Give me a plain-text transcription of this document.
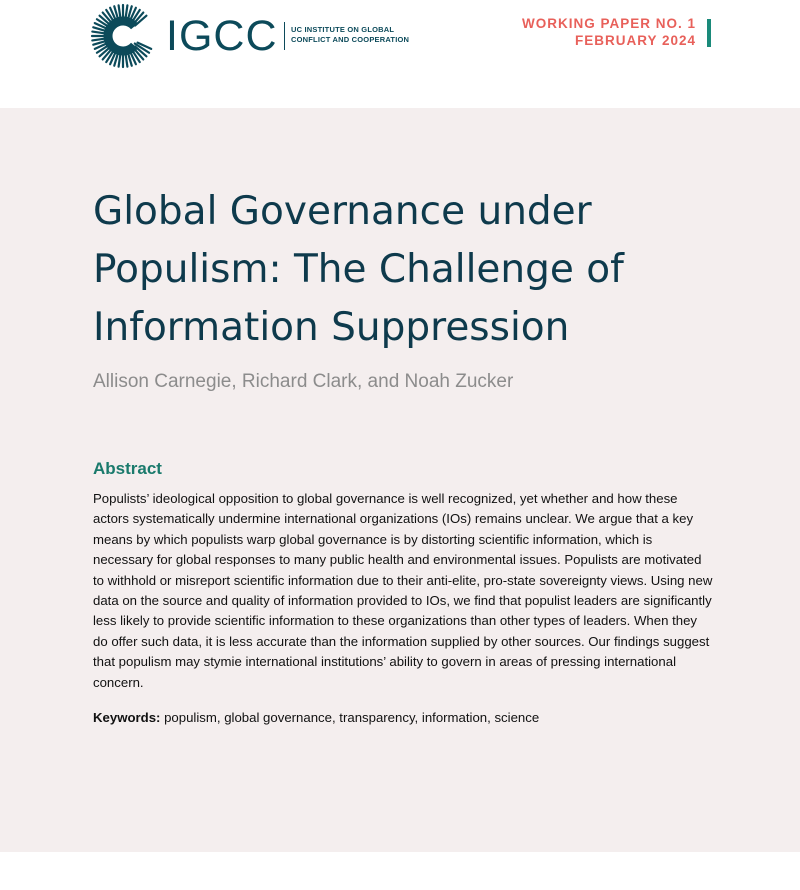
IGCC UC INSTITUTE ON GLOBAL
CONFLICT AND COOPERATION
WORKING PAPER NO. 1
FEBRUARY 2024
Global Governance under
Populism: The Challenge of
Information Suppression
Allison Carnegie, Richard Clark, and Noah Zucker
Abstract

Populists’ ideological opposition to global governance is well recognized, yet whether and how these actors systematically undermine international organizations (IOs) remains unclear. We argue that a key means by which populists warp global governance is by distorting scientific information, which is necessary for global responses to many public health and environmental issues. Populists are motivated to withhold or misreport scientific information due to their anti-elite, pro-state sovereignty views. Using new data on the source and quality of information provided to IOs, we find that populist leaders are significantly less likely to provide scientific information to these organizations than other types of leaders. When they do offer such data, it is less accurate than the information supplied by other sources. Our findings suggest that populism may stymie international institutions’ ability to govern in areas of pressing international concern.

Keywords: populism, global governance, transparency, information, science
